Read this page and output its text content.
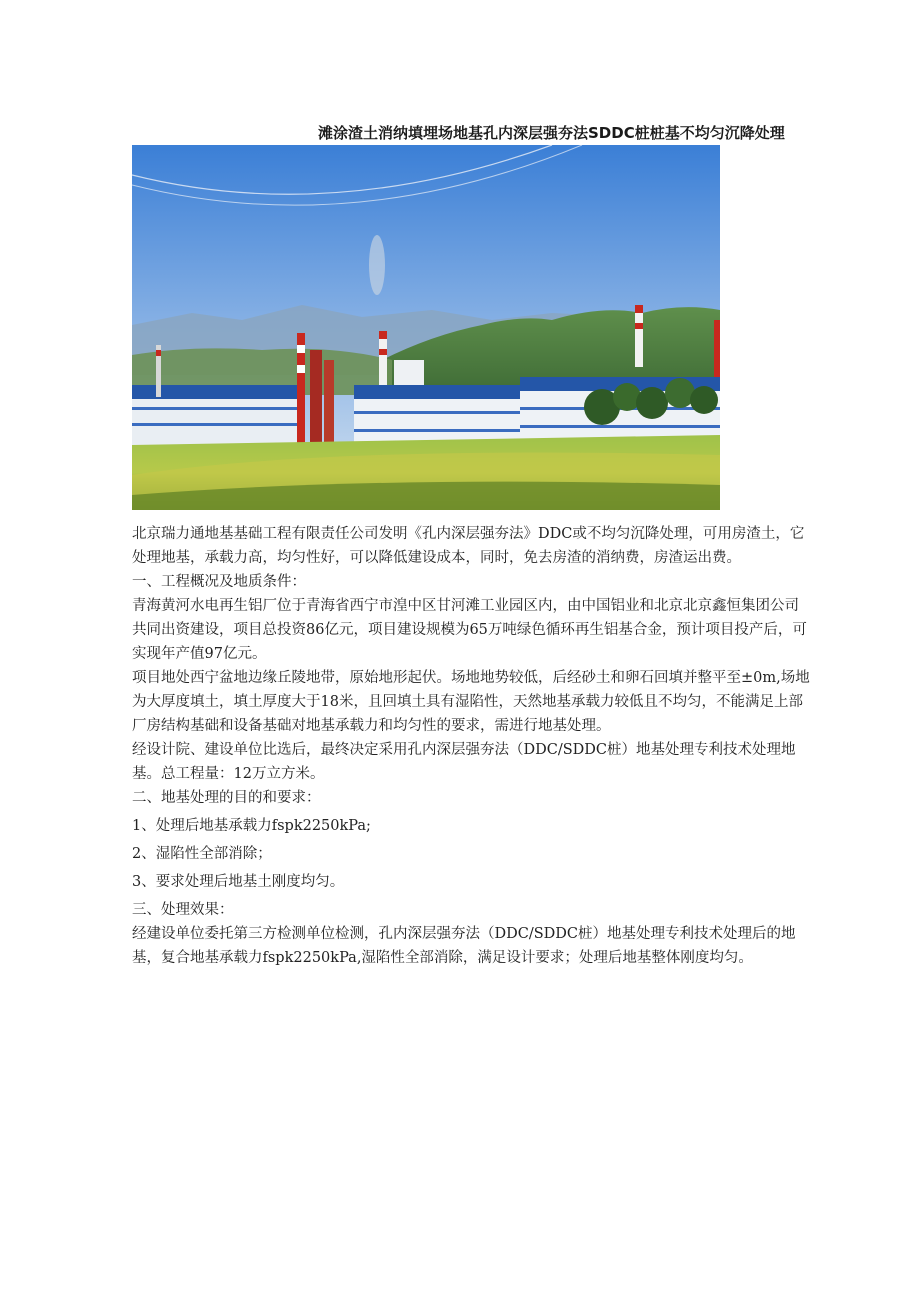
滩涂渣土消纳填埋场地基孔内深层强夯法SDDC桩桩基不均匀沉降处理

北京瑞力通地基基础工程有限责任公司发明《孔内深层强夯法》DDC或不均匀沉降处理，可用房渣土，它处理地基，承载力高，均匀性好，可以降低建设成本，同时，免去房渣的消纳费，房渣运出费。

一、工程概况及地质条件：

青海黄河水电再生铝厂位于青海省西宁市湟中区甘河滩工业园区内，由中国铝业和北京北京鑫恒集团公司共同出资建设，项目总投资86亿元，项目建设规模为65万吨绿色循环再生铝基合金，预计项目投产后，可实现年产值97亿元。

项目地处西宁盆地边缘丘陵地带，原始地形起伏。场地地势较低，后经砂土和卵石回填并整平至±0m,场地为大厚度填土，填土厚度大于18米，且回填土具有湿陷性，天然地基承载力较低且不均匀，不能满足上部厂房结构基础和设备基础对地基承载力和均匀性的要求，需进行地基处理。

经设计院、建设单位比选后，最终决定采用孔内深层强夯法（DDC/SDDC桩）地基处理专利技术处理地基。总工程量：12万立方米。

二、地基处理的目的和要求：

1、处理后地基承载力fspk2250kPa;

2、湿陷性全部消除；

3、要求处理后地基土刚度均匀。

三、处理效果：

经建设单位委托第三方检测单位检测，孔内深层强夯法（DDC/SDDC桩）地基处理专利技术处理后的地基，复合地基承载力fspk2250kPa,湿陷性全部消除，满足设计要求；处理后地基整体刚度均匀。
